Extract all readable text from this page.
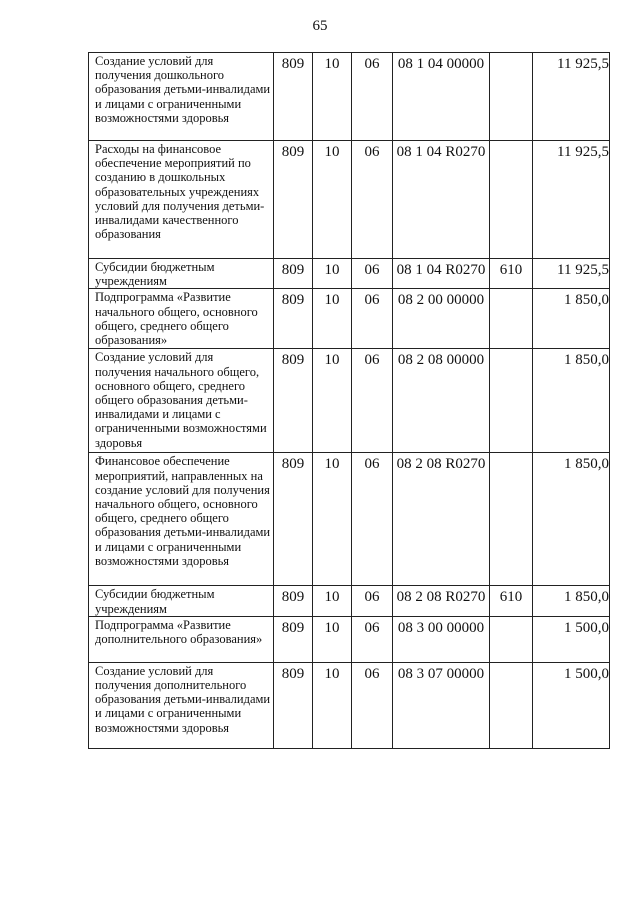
65
Создание условий для получения дошкольного образования детьми-инвалидами и лицами с ограниченными возможностями здоровья	809	10	06	08 1 04 00000		11 925,5

Расходы на финансовое обеспечение мероприятий по созданию в дошкольных образовательных учреждениях условий для получения детьми-инвалидами качественного образования	809	10	06	08 1 04 R0270		11 925,5

Субсидии бюджетным учреждениям	809	10	06	08 1 04 R0270	610	11 925,5

Подпрограмма «Развитие начального общего, основного общего, среднего общего образования»	809	10	06	08 2 00 00000		1 850,0

Создание условий для получения начального общего, основного общего, среднего общего образования детьми-инвалидами и лицами с ограниченными возможностями здоровья	809	10	06	08 2 08 00000		1 850,0

Финансовое обеспечение мероприятий, направленных на создание условий для получения начального общего, основного общего, среднего общего образования детьми-инвалидами и лицами с ограниченными возможностями здоровья	809	10	06	08 2 08 R0270		1 850,0

Субсидии бюджетным учреждениям	809	10	06	08 2 08 R0270	610	1 850,0

Подпрограмма «Развитие дополнительного образования»	809	10	06	08 3 00 00000		1 500,0

Создание условий для получения дополнительного образования детьми-инвалидами и лицами с ограниченными возможностями здоровья	809	10	06	08 3 07 00000		1 500,0
